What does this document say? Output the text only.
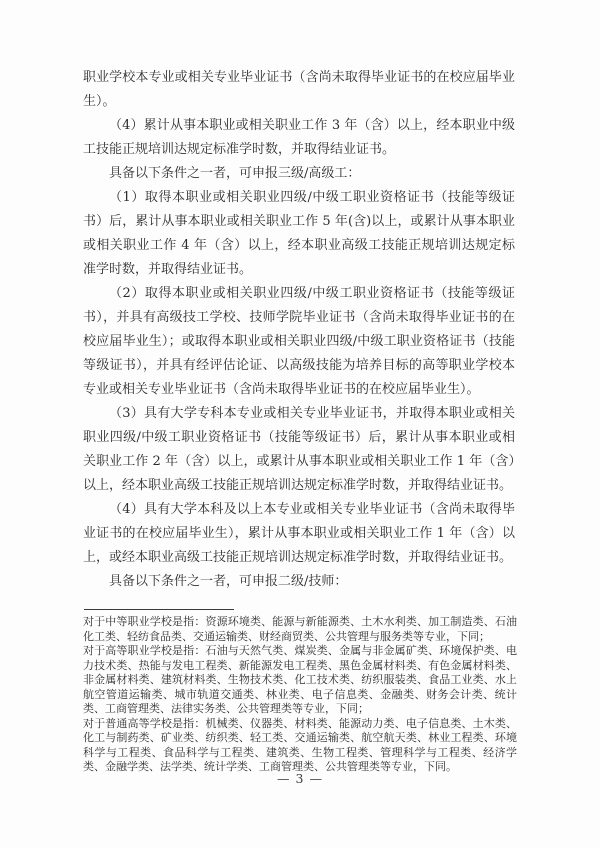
职业学校本专业或相关专业毕业证书（含尚未取得毕业证书的在校应届毕业生）。

（4）累计从事本职业或相关职业工作 3 年（含）以上，经本职业中级工技能正规培训达规定标准学时数，并取得结业证书。

具备以下条件之一者，可申报三级/高级工：

（1）取得本职业或相关职业四级/中级工职业资格证书（技能等级证书）后，累计从事本职业或相关职业工作 5 年(含)以上，或累计从事本职业或相关职业工作 4 年（含）以上，经本职业高级工技能正规培训达规定标准学时数，并取得结业证书。

（2）取得本职业或相关职业四级/中级工职业资格证书（技能等级证书），并具有高级技工学校、技师学院毕业证书（含尚未取得毕业证书的在校应届毕业生）；或取得本职业或相关职业四级/中级工职业资格证书（技能等级证书），并具有经评估论证、以高级技能为培养目标的高等职业学校本专业或相关专业毕业证书（含尚未取得毕业证书的在校应届毕业生）。

（3）具有大学专科本专业或相关专业毕业证书，并取得本职业或相关职业四级/中级工职业资格证书（技能等级证书）后，累计从事本职业或相关职业工作 2 年（含）以上，或累计从事本职业或相关职业工作 1 年（含）以上，经本职业高级工技能正规培训达规定标准学时数，并取得结业证书。

（4）具有大学本科及以上本专业或相关专业毕业证书（含尚未取得毕业证书的在校应届毕业生），累计从事本职业或相关职业工作 1 年（含）以上，或经本职业高级工技能正规培训达规定标准学时数，并取得结业证书。

具备以下条件之一者，可申报二级/技师：

对于中等职业学校是指：资源环境类、能源与新能源类、土木水利类、加工制造类、石油化工类、轻纺食品类、交通运输类、财经商贸类、公共管理与服务类等专业，下同；

对于高等职业学校是指：石油与天然气类、煤炭类、金属与非金属矿类、环境保护类、电力技术类、热能与发电工程类、新能源发电工程类、黑色金属材料类、有色金属材料类、非金属材料类、建筑材料类、生物技术类、化工技术类、纺织服装类、食品工业类、水上航空管道运输类、城市轨道交通类、林业类、电子信息类、金融类、财务会计类、统计类、工商管理类、法律实务类、公共管理类等专业，下同；

对于普通高等学校是指：机械类、仪器类、材料类、能源动力类、电子信息类、土木类、化工与制药类、矿业类、纺织类、轻工类、交通运输类、航空航天类、林业工程类、环境科学与工程类、食品科学与工程类、建筑类、生物工程类、管理科学与工程类、经济学类、金融学类、法学类、统计学类、工商管理类、公共管理类等专业，下同。

— 3 —
